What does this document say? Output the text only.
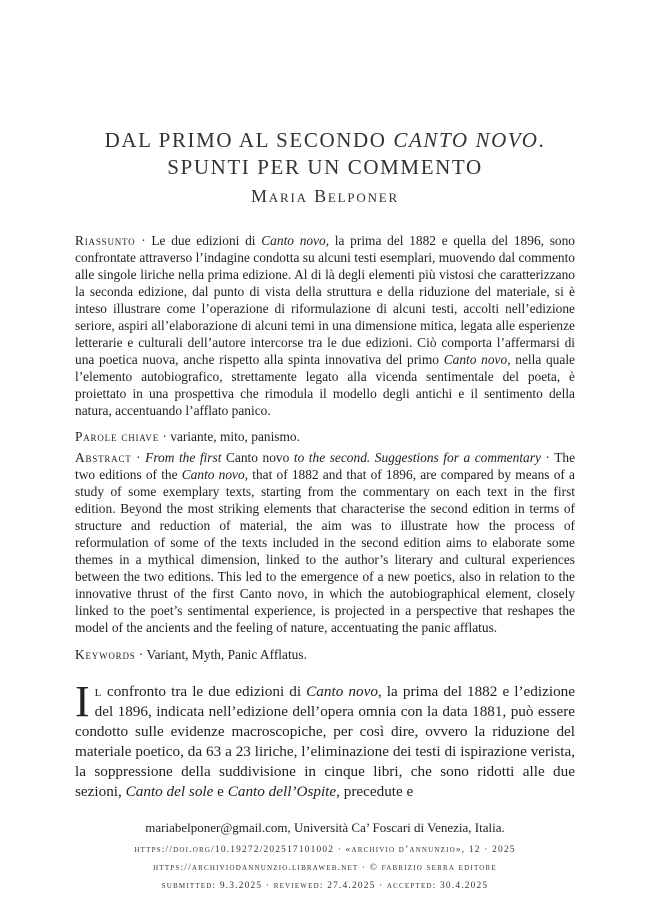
DAL PRIMO AL SECONDO CANTO NOVO.
SPUNTI PER UN COMMENTO
Maria Belponer
Riassunto · Le due edizioni di Canto novo, la prima del 1882 e quella del 1896, sono confrontate attraverso l’indagine condotta su alcuni testi esemplari, muovendo dal commento alle singole liriche nella prima edizione. Al di là degli elementi più vistosi che caratterizzano la seconda edizione, dal punto di vista della struttura e della riduzione del materiale, si è inteso illustrare come l’operazione di riformulazione di alcuni testi, accolti nell’edizione seriore, aspiri all’elaborazione di alcuni temi in una dimensione mitica, legata alle esperienze letterarie e culturali dell’autore intercorse tra le due edizioni. Ciò comporta l’affermarsi di una poetica nuova, anche rispetto alla spinta innovativa del primo Canto novo, nella quale l’elemento autobiografico, strettamente legato alla vicenda sentimentale del poeta, è proiettato in una prospettiva che rimodula il modello degli antichi e il sentimento della natura, accentuando l’afflato panico.
Parole chiave · variante, mito, panismo.
Abstract · From the first Canto novo to the second. Suggestions for a commentary · The two editions of the Canto novo, that of 1882 and that of 1896, are compared by means of a study of some exemplary texts, starting from the commentary on each text in the first edition. Beyond the most striking elements that characterise the second edition in terms of structure and reduction of material, the aim was to illustrate how the process of reformulation of some of the texts included in the second edition aims to elaborate some themes in a mythical dimension, linked to the author’s literary and cultural experiences between the two editions. This led to the emergence of a new poetics, also in relation to the innovative thrust of the first Canto novo, in which the autobiographical element, closely linked to the poet’s sentimental experience, is projected in a perspective that reshapes the model of the ancients and the feeling of nature, accentuating the panic afflatus.
Keywords · Variant, Myth, Panic Afflatus.
Il confronto tra le due edizioni di Canto novo, la prima del 1882 e l’edizione del 1896, indicata nell’edizione dell’opera omnia con la data 1881, può essere condotto sulle evidenze macroscopiche, per così dire, ovvero la riduzione del materiale poetico, da 63 a 23 liriche, l’eliminazione dei testi di ispirazione verista, la soppressione della suddivisione in cinque libri, che sono ridotti alle due sezioni, Canto del sole e Canto dell’Ospite, precedute e
mariabelponer@gmail.com, Università Ca’ Foscari di Venezia, Italia.
https://doi.org/10.19272/202517101002 · «archivio d’annunzio», 12 · 2025
https://archiviodannunzio.libraweb.net · © fabrizio serra editore
submitted: 9.3.2025 · reviewed: 27.4.2025 · accepted: 30.4.2025
